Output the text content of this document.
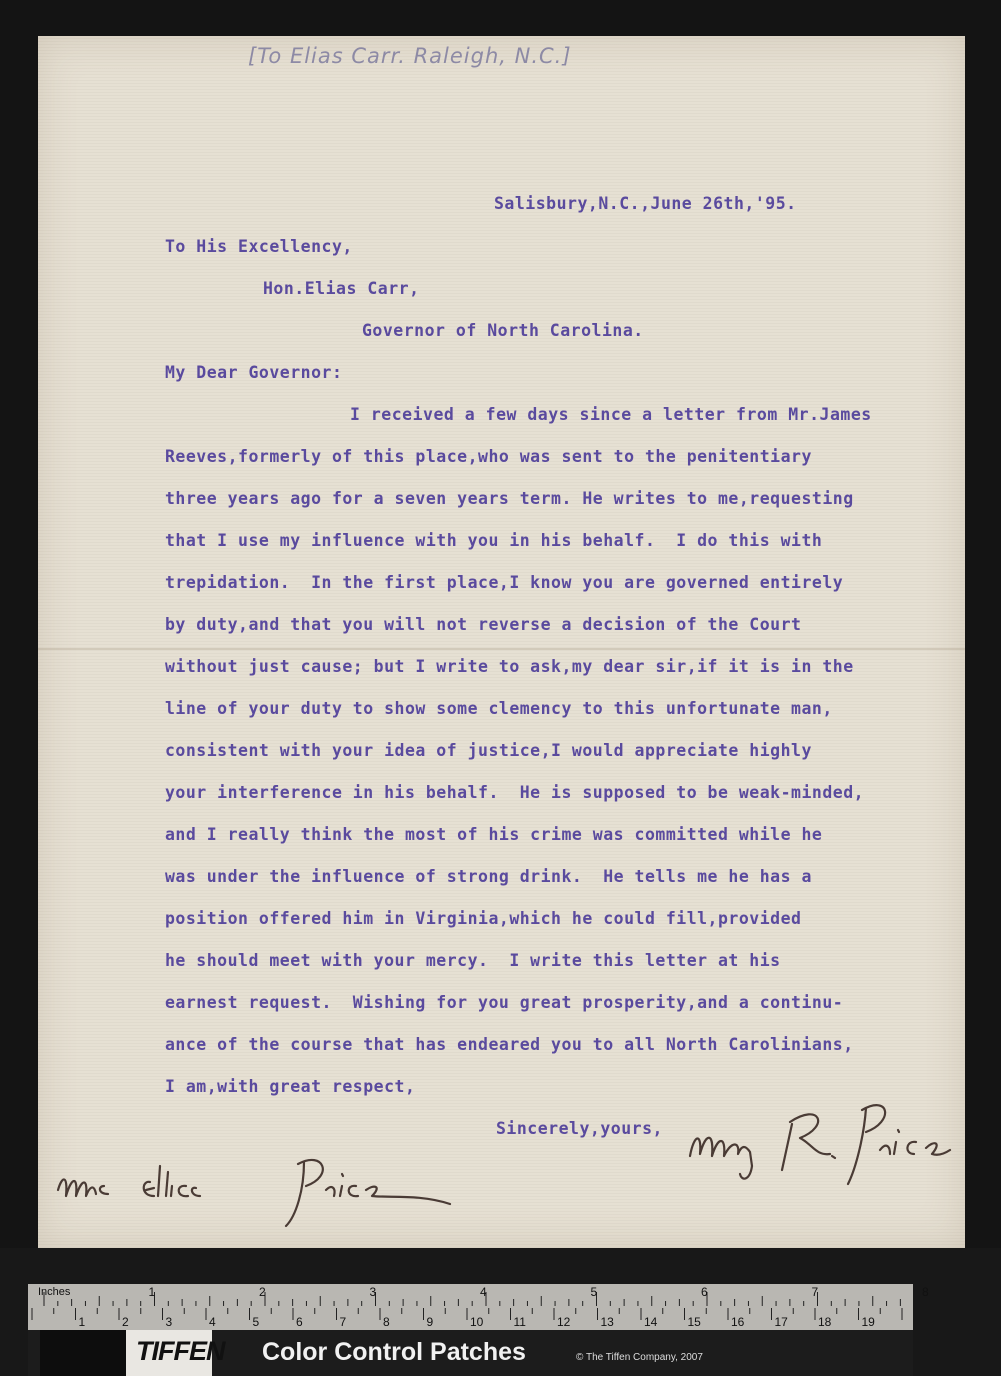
[To Elias Carr. Raleigh, N.C.]
Salisbury,N.C.,June 26th,'95.
To His Excellency,
Hon.Elias Carr,
Governor of North Carolina.
My Dear Governor:
I received a few days since a letter from Mr.James
Reeves,formerly of this place,who was sent to the penitentiary
three years ago for a seven years term. He writes to me,requesting
that I use my influence with you in his behalf.  I do this with
trepidation.  In the first place,I know you are governed entirely
by duty,and that you will not reverse a decision of the Court
without just cause; but I write to ask,my dear sir,if it is in the
line of your duty to show some clemency to this unfortunate man,
consistent with your idea of justice,I would appreciate highly
your interference in his behalf.  He is supposed to be weak-minded,
and I really think the most of his crime was committed while he
was under the influence of strong drink.  He tells me he has a
position offered him in Virginia,which he could fill,provided
he should meet with your mercy.  I write this letter at his
earnest request.  Wishing for you great prosperity,and a continu-
ance of the course that has endeared you to all North Carolinians,
I am,with great respect,
Sincerely,yours,
Inches	1	2	3	4	5	6	7	8
1	2	3	4	5	6	7	8	9	10	11	12	13	14	15	16	17	18	19
TIFFEN Color Control Patches	© The Tiffen Company, 2007
